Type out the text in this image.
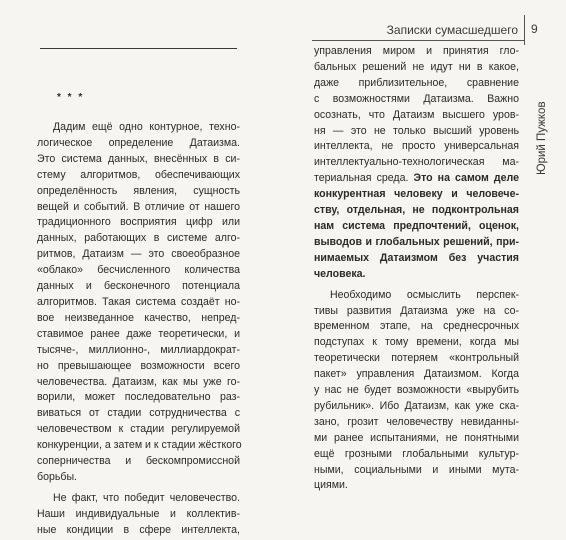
* * *
Дадим ещё одно контурное, техно-
логическое определение Датаизма.
Это система данных, внесённых в си-
стему алгоритмов, обеспечивающих
определённость явления, сущность
вещей и событий. В отличие от нашего
традиционного восприятия цифр или
данных, работающих в системе алго-
ритмов, Датаизм — это своеобразное
«облако» бесчисленного количества
данных и бесконечного потенциала
алгоритмов. Такая система создаёт но-
вое неизведанное качество, непред-
ставимое ранее даже теоретически, и
тысяче-, миллионно-, миллиардократ-
но превышающее возможности всего
человечества. Датаизм, как мы уже го-
ворили, может последовательно раз-
виваться от стадии сотрудничества с
человечеством к стадии регулируемой
конкуренции, а затем и к стадии жёсткого
соперничества и бескомпромиссной
борьбы.
Не факт, что победит человечество.
Наши индивидуальные и коллектив-
ные кондиции в сфере интеллекта,
Записки сумасшедшего 9
Юрий Пужков
управления миром и принятия гло-
бальных решений не идут ни в какое,
даже приблизительное, сравнение
с возможностями Датаизма. Важно
осознать, что Датаизм высшего уров-
ня — это не только высший уровень
интеллекта, не просто универсальная
интеллектуально-технологическая ма-
териальная среда. Это на самом деле
конкурентная человеку и человече-
ству, отдельная, не подконтрольная
нам система предпочтений, оценок,
выводов и глобальных решений, при-
нимаемых Датаизмом без участия
человека.
Необходимо осмыслить перспек-
тивы развития Датаизма уже на со-
временном этапе, на среднесрочных
подступах к тому времени, когда мы
теоретически потеряем «контрольный
пакет» управления Датаизмом. Когда
у нас не будет возможности «вырубить
рубильник». Ибо Датаизм, как уже ска-
зано, грозит человечеству невиданны-
ми ранее испытаниями, не понятными
ещё грозными глобальными культур-
ными, социальными и иными мута-
циями.
